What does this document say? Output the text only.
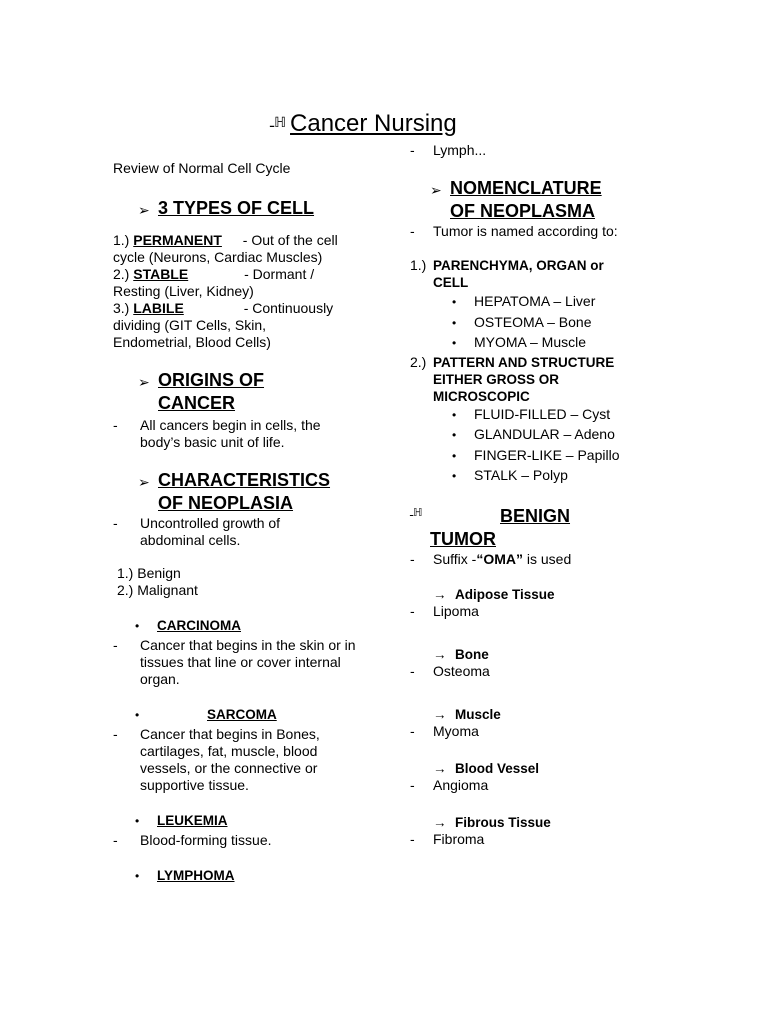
ـℍ Cancer Nursing
Review of Normal Cell Cycle
➢ 3 TYPES OF CELL
1.) PERMANENT - Out of the cell
cycle (Neurons, Cardiac Muscles)
2.) STABLE	- Dormant /
Resting (Liver, Kidney)
3.) LABILE	- Continuously
dividing (GIT Cells, Skin, Endometrial, Blood Cells)
➢ ORIGINS OF
CANCER
-	All cancers begin in cells, the body’s basic unit of life.
➢ CHARACTERISTICS
OF NEOPLASIA
-	Uncontrolled growth of abdominal cells.
1.) Benign
2.) Malignant
•	CARCINOMA
-	Cancer that begins in the skin or in tissues that line or cover internal organ.
•	SARCOMA
-	Cancer that begins in Bones, cartilages, fat, muscle, blood vessels, or the connective or supportive tissue.
•	LEUKEMIA
-	Blood-forming tissue.
•	LYMPHOMA
-	Lymph...
➢ NOMENCLATURE
OF NEOPLASMA
-	Tumor is named according to:
1.) PARENCHYMA, ORGAN or CELL
•	HEPATOMA – Liver
•	OSTEOMA – Bone
•	MYOMA – Muscle
2.) PATTERN AND STRUCTURE EITHER GROSS OR MICROSCOPIC
•	FLUID-FILLED – Cyst
•	GLANDULAR – Adeno
•	FINGER-LIKE – Papillo
•	STALK – Polyp
ـℍ	BENIGN
TUMOR
-	Suffix -“OMA” is used
→ Adipose Tissue
-	Lipoma
→ Bone
-	Osteoma
→ Muscle
-	Myoma
→ Blood Vessel
-	Angioma
→ Fibrous Tissue
-	Fibroma
